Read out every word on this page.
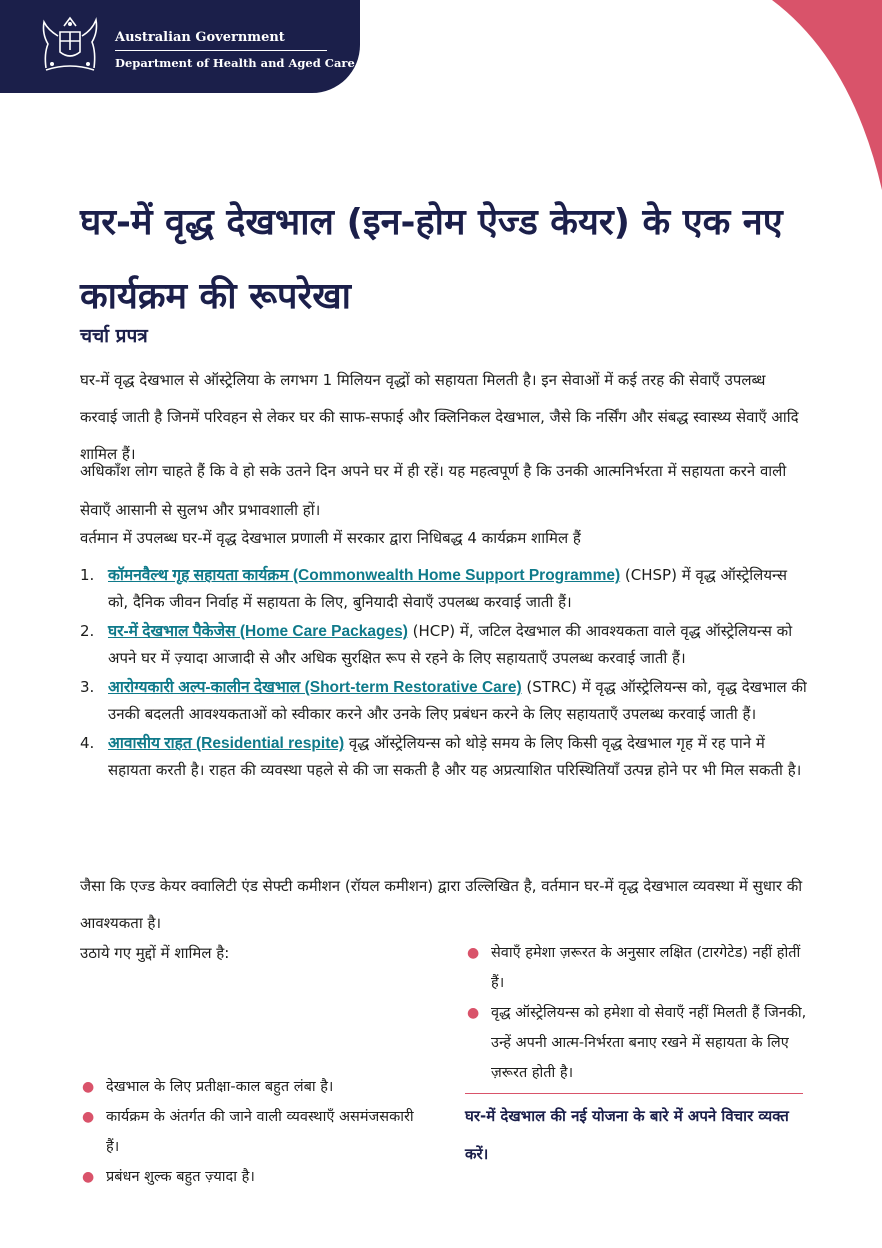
Australian Government
Department of Health and Aged Care
घर-में वृद्ध देखभाल (इन-होम ऐज्ड केयर) के एक नए कार्यक्रम की रूपरेखा
चर्चा प्रपत्र

घर-में वृद्ध देखभाल से ऑस्ट्रेलिया के लगभग 1 मिलियन वृद्धों को सहायता मिलती है। इन सेवाओं में कई तरह की सेवाएँ उपलब्ध करवाई जाती है जिनमें परिवहन से लेकर घर की साफ-सफाई और क्लिनिकल देखभाल, जैसे कि नर्सिंग और संबद्ध स्वास्थ्य सेवाएँ आदि शामिल हैं।

अधिकाँश लोग चाहते हैं कि वे हो सके उतने दिन अपने घर में ही रहें। यह महत्वपूर्ण है कि उनकी आत्मनिर्भरता में सहायता करने वाली सेवाएँ आसानी से सुलभ और प्रभावशाली हों।

वर्तमान में उपलब्ध घर-में वृद्ध देखभाल प्रणाली में सरकार द्वारा निधिबद्ध 4 कार्यक्रम शामिल हैं

1. कॉमनवैल्थ गृह सहायता कार्यक्रम (Commonwealth Home Support Programme) (CHSP) में वृद्ध ऑस्ट्रेलियन्स को, दैनिक जीवन निर्वाह में सहायता के लिए, बुनियादी सेवाएँ उपलब्ध करवाई जाती हैं।
2. घर-में देखभाल पैकेजेस (Home Care Packages) (HCP) में, जटिल देखभाल की आवश्यकता वाले वृद्ध ऑस्ट्रेलियन्स को अपने घर में ज़्यादा आजादी से और अधिक सुरक्षित रूप से रहने के लिए सहायताएँ उपलब्ध करवाई जाती हैं।
3. आरोग्यकारी अल्प-कालीन देखभाल (Short-term Restorative Care) (STRC) में वृद्ध ऑस्ट्रेलियन्स को, वृद्ध देखभाल की उनकी बदलती आवश्यकताओं को स्वीकार करने और उनके लिए प्रबंधन करने के लिए सहायताएँ उपलब्ध करवाई जाती हैं।
4. आवासीय राहत (Residential respite) वृद्ध ऑस्ट्रेलियन्स को थोड़े समय के लिए किसी वृद्ध देखभाल गृह में रह पाने में सहायता करती है। राहत की व्यवस्था पहले से की जा सकती है और यह अप्रत्याशित परिस्थितियाँ उत्पन्न होने पर भी मिल सकती है।

जैसा कि एज्ड केयर क्वालिटी एंड सेफ्टी कमीशन (रॉयल कमीशन) द्वारा उल्लिखित है, वर्तमान घर-में वृद्ध देखभाल व्यवस्था में सुधार की आवश्यकता है।

उठाये गए मुद्दों में शामिल है:

● देखभाल के लिए प्रतीक्षा-काल बहुत लंबा है।
● कार्यक्रम के अंतर्गत की जाने वाली व्यवस्थाएँ असमंजसकारी हैं।
● प्रबंधन शुल्क बहुत ज़्यादा है।
● सेवाएँ हमेशा ज़रूरत के अनुसार लक्षित (टारगेटेड) नहीं होतीं हैं।
● वृद्ध ऑस्ट्रेलियन्स को हमेशा वो सेवाएँ नहीं मिलती हैं जिनकी, उन्हें अपनी आत्म-निर्भरता बनाए रखने में सहायता के लिए ज़रूरत होती है।

घर-में देखभाल की नई योजना के बारे में अपने विचार व्यक्त करें।
